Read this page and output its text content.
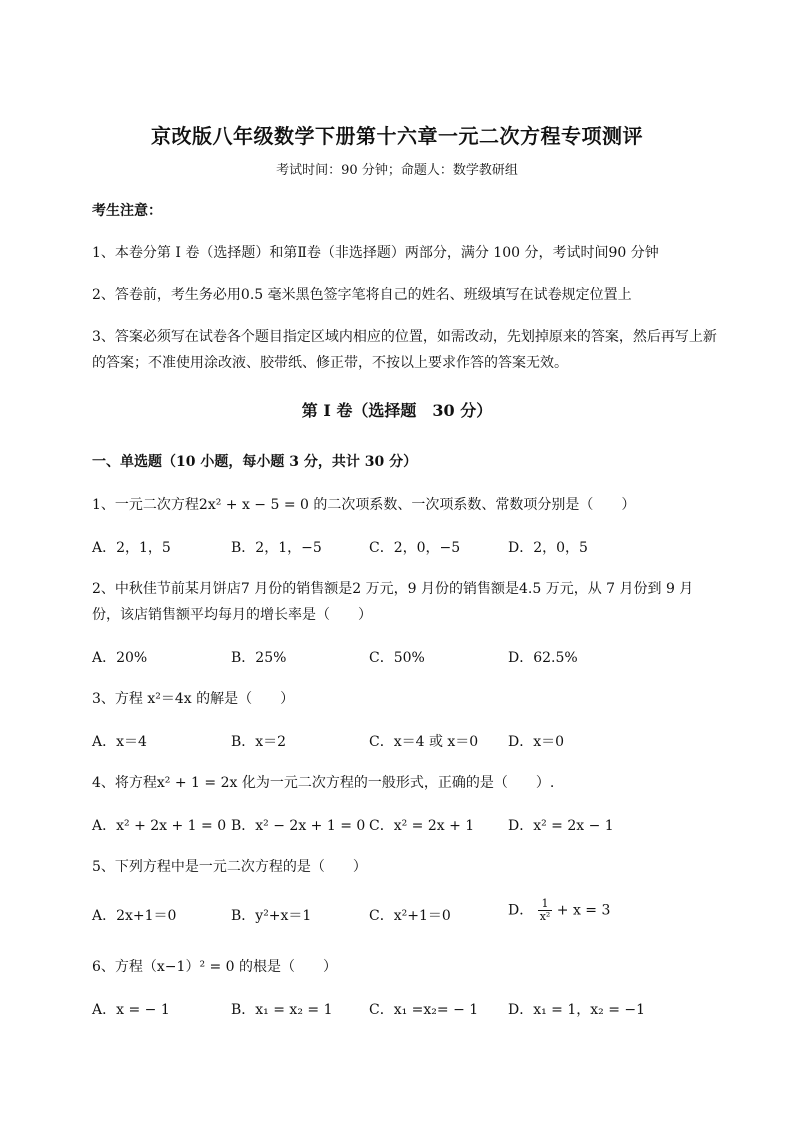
京改版八年级数学下册第十六章一元二次方程专项测评
考试时间：90 分钟；命题人：数学教研组
考生注意：
1、本卷分第 I 卷（选择题）和第Ⅱ卷（非选择题）两部分，满分 100 分，考试时间90 分钟
2、答卷前，考生务必用0.5 毫米黑色签字笔将自己的姓名、班级填写在试卷规定位置上
3、答案必须写在试卷各个题目指定区域内相应的位置，如需改动，先划掉原来的答案，然后再写上新
的答案；不准使用涂改液、胶带纸、修正带，不按以上要求作答的答案无效。
第 I 卷（选择题　30 分）
一、单选题（10 小题，每小题 3 分，共计 30 分）
1、一元二次方程2x² + x − 5 = 0 的二次项系数、一次项系数、常数项分别是（　　）
A．2，1，5	B．2，1，−5	C．2，0，−5	D．2，0，5
2、中秋佳节前某月饼店7 月份的销售额是2 万元，9 月份的销售额是4.5 万元，从 7 月份到 9 月
份，该店销售额平均每月的增长率是（　　）
A．20%	B．25%	C．50%	D．62.5%
3、方程 x²＝4x 的解是（　　）
A．x＝4	B．x＝2	C．x＝4 或 x＝0 D．x＝0
4、将方程x² + 1 = 2x 化为一元二次方程的一般形式，正确的是（　　）.
A．x² + 2x + 1 = 0 B．x² − 2x + 1 = 0 C．x² = 2x + 1 D．x² = 2x − 1
5、下列方程中是一元二次方程的是（　　）
A．2x+1＝0	B．y²+x＝1	C．x²+1＝0	D． $\frac{1}{\text{x²}} + x = 3$
6、方程（x−1）² = 0 的根是（　　）
A．x = − 1	B．x₁ = x₂ = 1	C．x₁ =x₂= − 1 D．x₁ = 1，x₂ = −1
